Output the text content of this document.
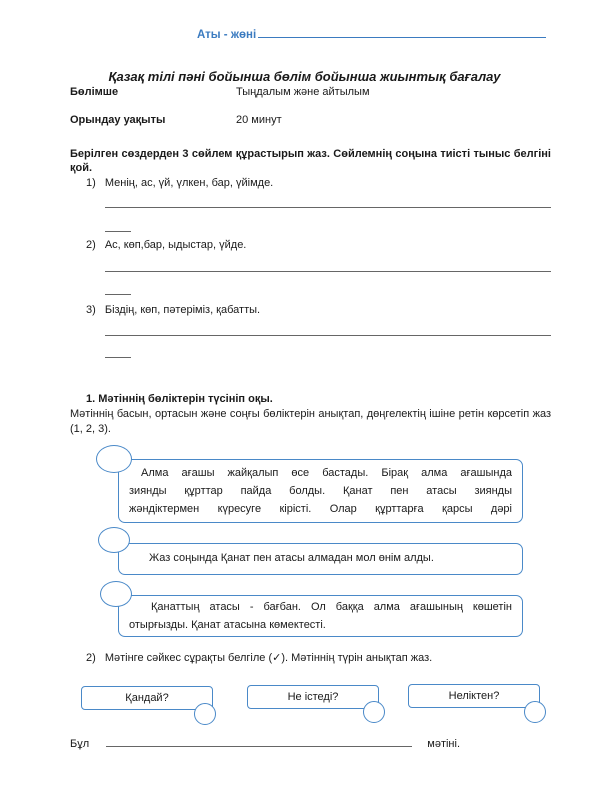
Аты - жөні
Қазақ тілі пәні бойынша бөлім бойынша жиынтық бағалау
Бөлімше	Тыңдалым және айтылым
Орындау уақыты	20 минут
Берілген сөздерден 3 сөйлем құрастырып жаз. Сөйлемнің соңына тиісті тыныс белгіні қой.
1) Менің, ас, үй, үлкен, бар, үйімде.
2) Ас, көп,бар, ыдыстар, үйде.
3) Біздің, көп, пәтеріміз, қабатты.
1. Мәтіннің бөліктерін түсініп оқы.
Мәтіннің басын, ортасын және соңғы бөліктерін анықтап, дөңгелектің ішіне ретін көрсетіп жаз (1, 2, 3).
Алма ағашы жайқалып өсе бастады. Бірақ алма ағашында
зиянды құрттар пайда болды. Қанат пен атасы зиянды
жәндіктермен күресуге кірісті. Олар құрттарға қарсы дәрі
Жаз соңында Қанат пен атасы алмадан мол өнім алды.
Қанаттың атасы - бағбан. Ол баққа алма ағашының көшетін
отырғызды. Қанат атасына көмектесті.
2) Мәтінге сәйкес сұрақты белгіле (✓). Мәтіннің түрін анықтап жаз.
Қандай?	Не істеді?	Неліктен?
Бұл	мәтіні.
